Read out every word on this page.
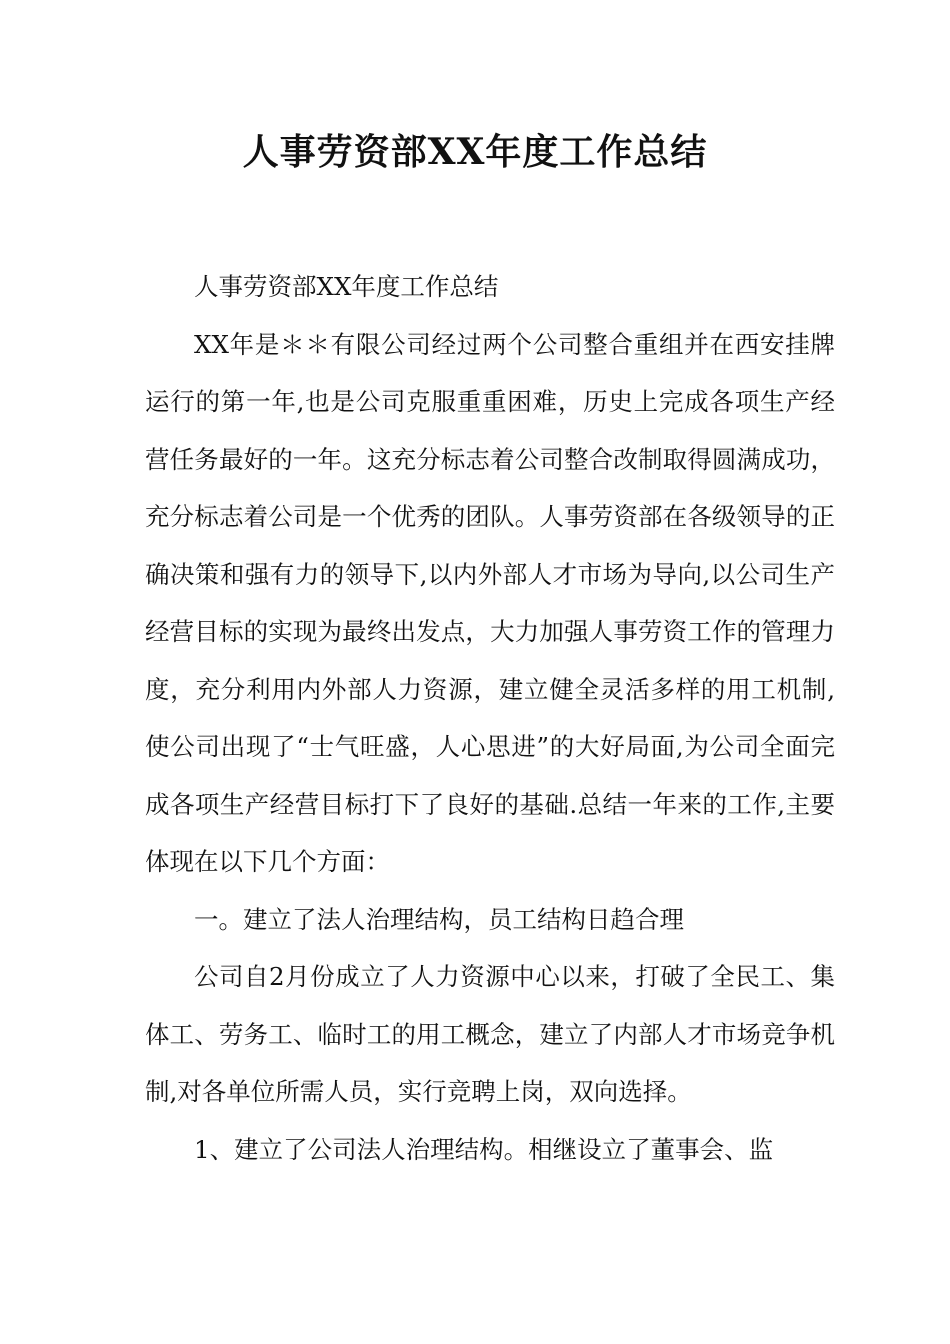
人事劳资部XX年度工作总结

人事劳资部XX年度工作总结

XX年是＊＊有限公司经过两个公司整合重组并在西安挂牌运行的第一年,也是公司克服重重困难，历史上完成各项生产经营任务最好的一年。这充分标志着公司整合改制取得圆满成功，充分标志着公司是一个优秀的团队。人事劳资部在各级领导的正确决策和强有力的领导下,以内外部人才市场为导向,以公司生产经营目标的实现为最终出发点，大力加强人事劳资工作的管理力度，充分利用内外部人力资源，建立健全灵活多样的用工机制,使公司出现了“士气旺盛，人心思进”的大好局面,为公司全面完成各项生产经营目标打下了良好的基础.总结一年来的工作,主要体现在以下几个方面：

一。建立了法人治理结构，员工结构日趋合理

公司自2月份成立了人力资源中心以来，打破了全民工、集体工、劳务工、临时工的用工概念，建立了内部人才市场竞争机制,对各单位所需人员，实行竞聘上岗，双向选择。

1、建立了公司法人治理结构。相继设立了董事会、监
